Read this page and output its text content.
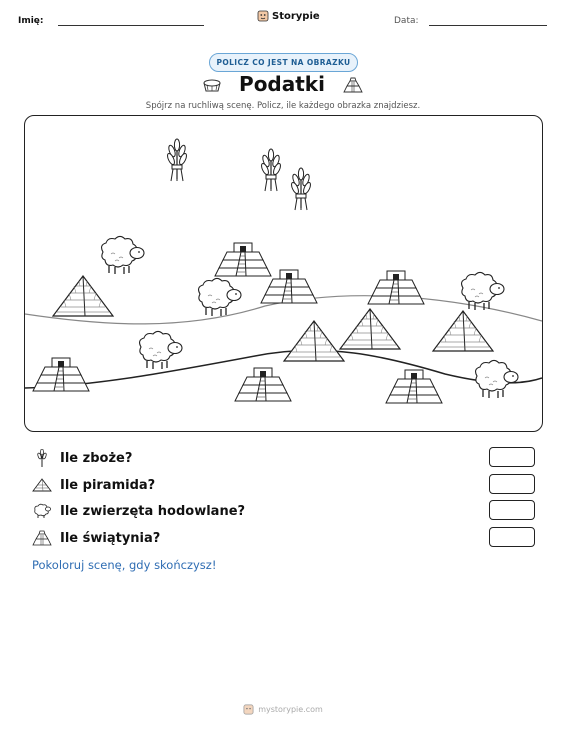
Imię:	Storypie	Data:
POLICZ CO JEST NA OBRAZKU
Podatki
Spójrz na ruchliwą scenę. Policz, ile każdego obrazka znajdziesz.
Ile zboże?
Ile piramida?
Ile zwierzęta hodowlane?
Ile świątynia?
Pokoloruj scenę, gdy skończysz!
mystorypie.com
